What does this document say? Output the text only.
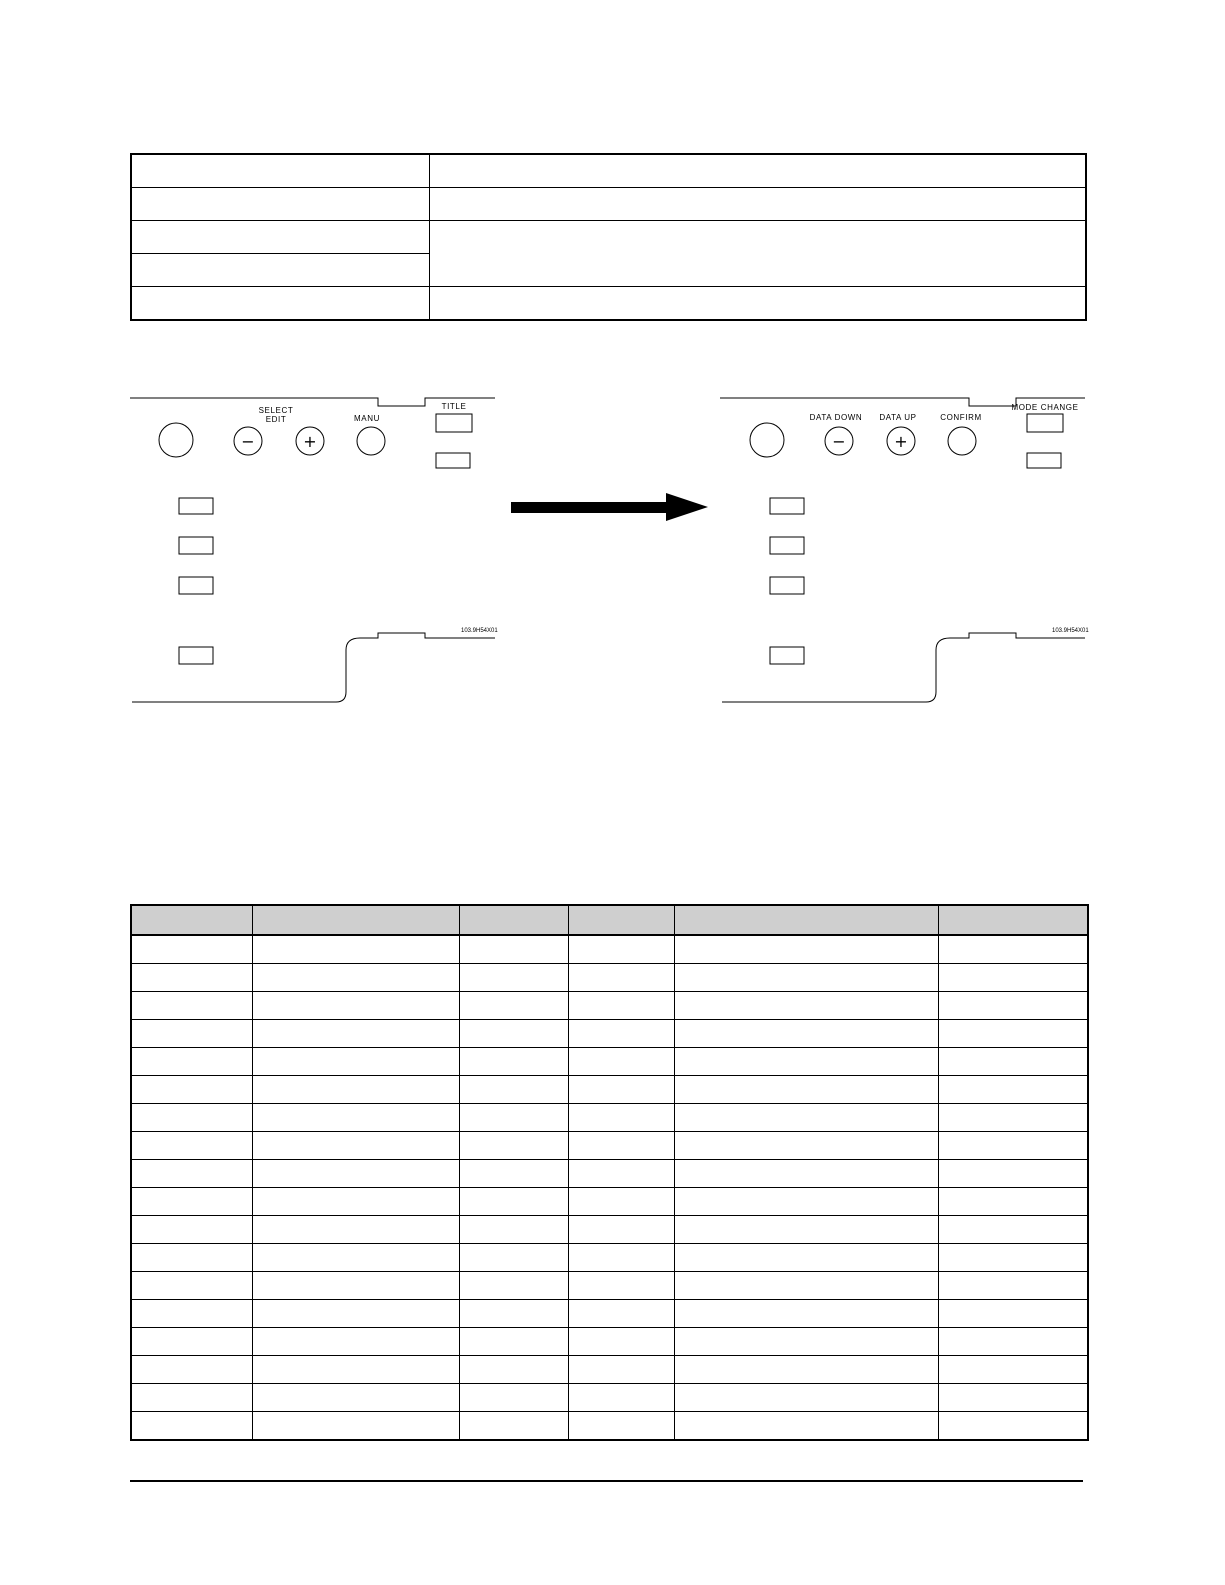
SELECT
EDIT	MANU
TITLE
−	+
103.9H54X01
DATA DOWN DATA UP	CONFIRM
MODE CHANGE
−	+
103.9H54X01
